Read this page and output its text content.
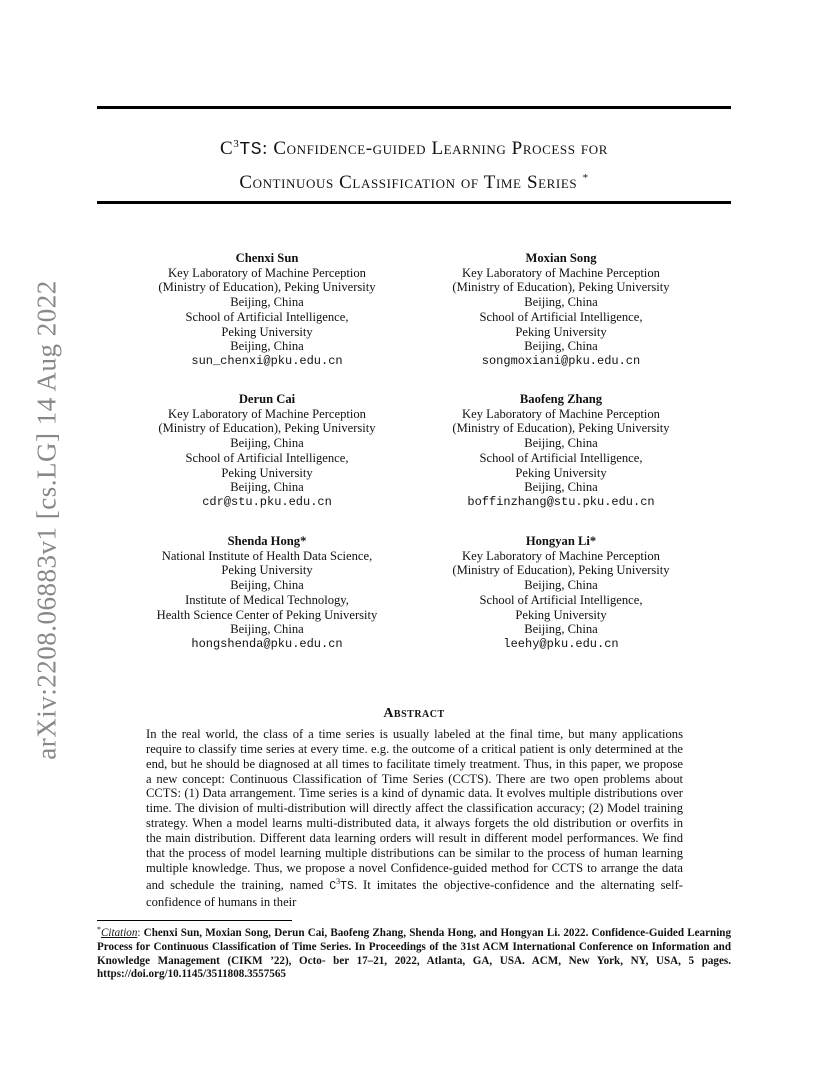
arXiv:2208.06883v1 [cs.LG] 14 Aug 2022
$C^3TS$: Confidence-guided Learning Process for
Continuous Classification of Time Series *
Chenxi Sun
Key Laboratory of Machine Perception
(Ministry of Education), Peking University
Beijing, China
School of Artificial Intelligence,
Peking University
Beijing, China
sun_chenxi@pku.edu.cn
Moxian Song
Key Laboratory of Machine Perception
(Ministry of Education), Peking University
Beijing, China
School of Artificial Intelligence,
Peking University
Beijing, China
songmoxiani@pku.edu.cn
Derun Cai
Key Laboratory of Machine Perception
(Ministry of Education), Peking University
Beijing, China
School of Artificial Intelligence,
Peking University
Beijing, China
cdr@stu.pku.edu.cn
Baofeng Zhang
Key Laboratory of Machine Perception
(Ministry of Education), Peking University
Beijing, China
School of Artificial Intelligence,
Peking University
Beijing, China
boffinzhang@stu.pku.edu.cn
Shenda Hong*
National Institute of Health Data Science,
Peking University
Beijing, China
Institute of Medical Technology,
Health Science Center of Peking University
Beijing, China
hongshenda@pku.edu.cn
Hongyan Li*
Key Laboratory of Machine Perception
(Ministry of Education), Peking University
Beijing, China
School of Artificial Intelligence,
Peking University
Beijing, China
leehy@pku.edu.cn
Abstract
In the real world, the class of a time series is usually labeled at the final time, but many applications require to classify time series at every time. e.g. the outcome of a critical patient is only determined at the end, but he should be diagnosed at all times to facilitate timely treatment. Thus, in this paper, we propose a new concept: Continuous Classification of Time Series (CCTS). There are two open problems about CCTS: (1) Data arrangement. Time series is a kind of dynamic data. It evolves multiple distributions over time. The division of multi-distribution will directly affect the classification accuracy; (2) Model training strategy. When a model learns multi-distributed data, it always forgets the old distribution or overfits in the main distribution. Different data learning orders will result in different model performances. We find that the process of model learning multiple distributions can be similar to the process of human learning multiple knowledge. Thus, we propose a novel Confidence-guided method for CCTS to arrange the data and schedule the training, named $C^3TS$. It imitates the objective-confidence and the alternating self-confidence of humans in their
*Citation: Chenxi Sun, Moxian Song, Derun Cai, Baofeng Zhang, Shenda Hong, and Hongyan Li. 2022. Confidence-Guided Learning Process for Continuous Classification of Time Series. In Proceedings of the 31st ACM International Conference on Information and Knowledge Management (CIKM ’22), Octo- ber 17–21, 2022, Atlanta, GA, USA. ACM, New York, NY, USA, 5 pages. https://doi.org/10.1145/3511808.3557565
